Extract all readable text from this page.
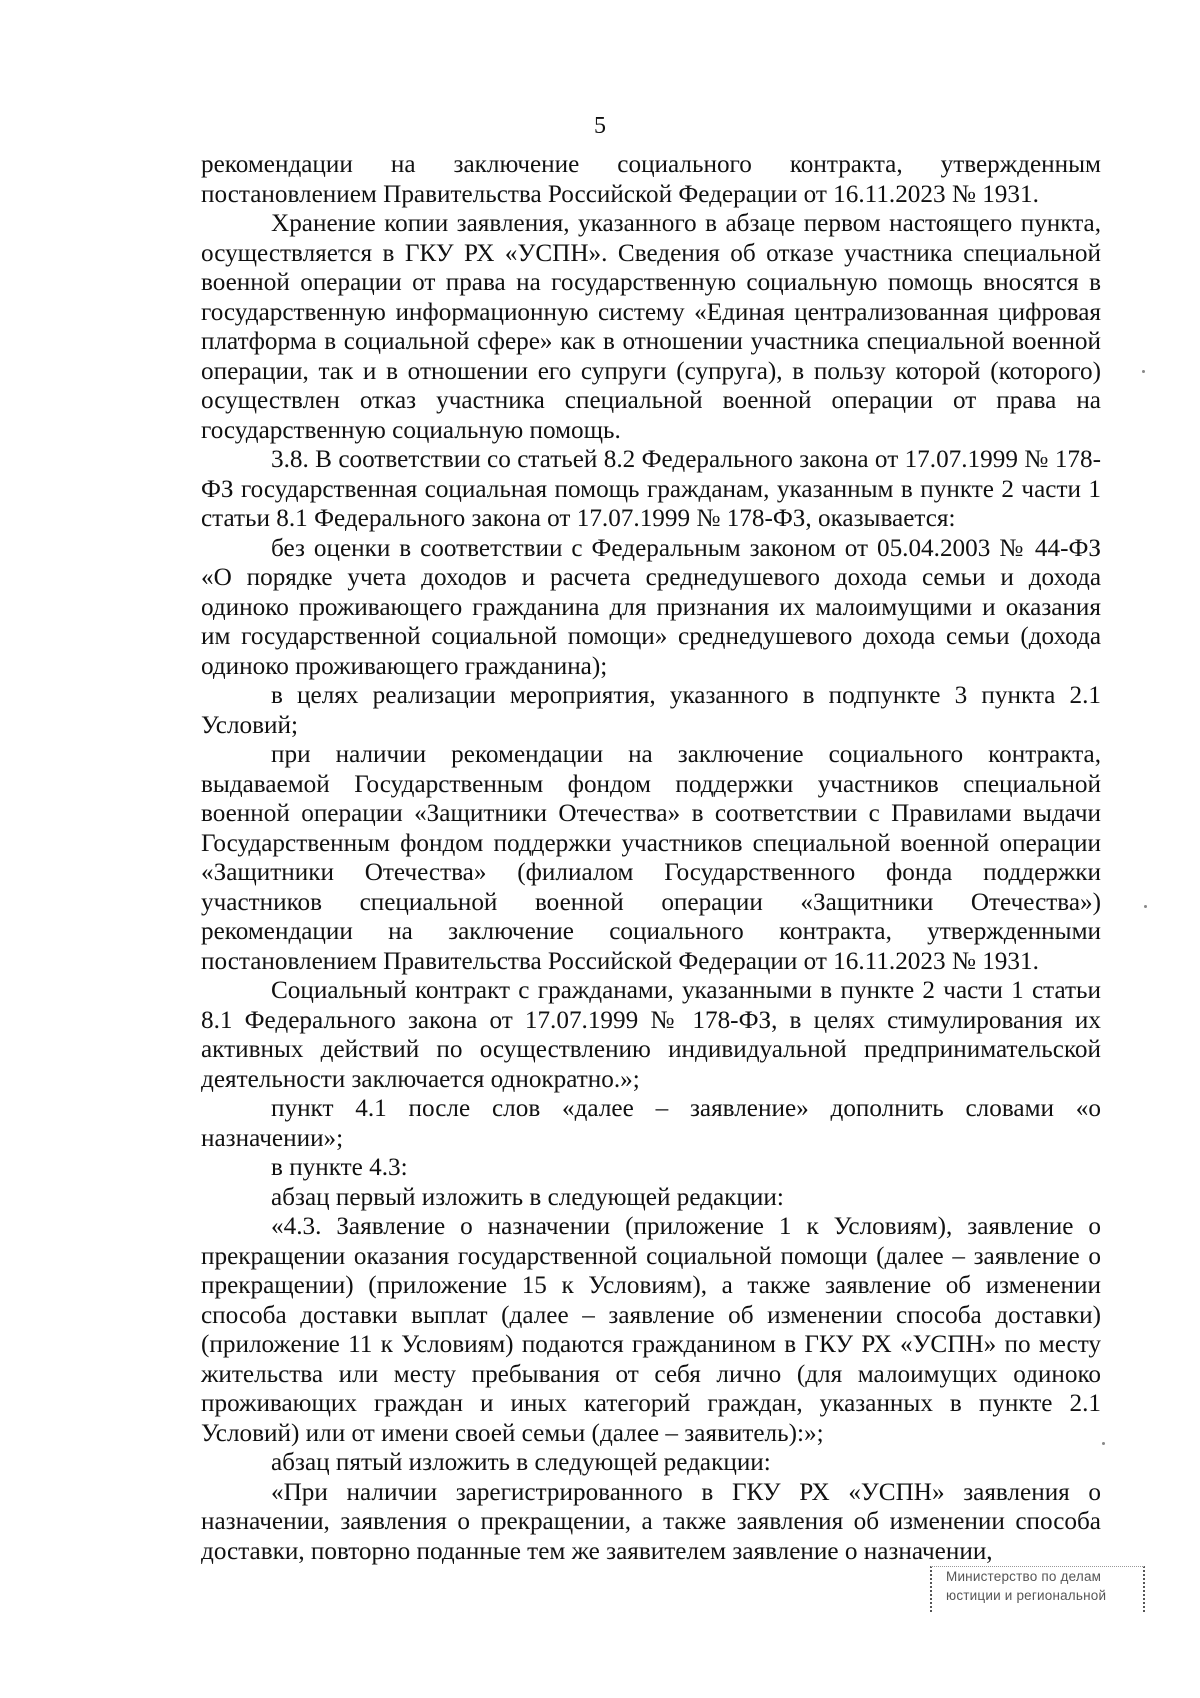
5

рекомендации на заключение социального контракта, утвержденным постановлением Правительства Российской Федерации от 16.11.2023 № 1931.

Хранение копии заявления, указанного в абзаце первом настоящего пункта, осуществляется в ГКУ РХ «УСПН». Сведения об отказе участника специальной военной операции от права на государственную социальную помощь вносятся в государственную информационную систему «Единая централизованная цифровая платформа в социальной сфере» как в отношении участника специальной военной операции, так и в отношении его супруги (супруга), в пользу которой (которого) осуществлен отказ участника специальной военной операции от права на государственную социальную помощь.

3.8. В соответствии со статьей 8.2 Федерального закона от 17.07.1999 № 178-ФЗ государственная социальная помощь гражданам, указанным в пункте 2 части 1 статьи 8.1 Федерального закона от 17.07.1999 № 178-ФЗ, оказывается:

без оценки в соответствии с Федеральным законом от 05.04.2003 № 44-ФЗ «О порядке учета доходов и расчета среднедушевого дохода семьи и дохода одиноко проживающего гражданина для признания их малоимущими и оказания им государственной социальной помощи» среднедушевого дохода семьи (дохода одиноко проживающего гражданина);

в целях реализации мероприятия, указанного в подпункте 3 пункта 2.1 Условий;

при наличии рекомендации на заключение социального контракта, выдаваемой Государственным фондом поддержки участников специальной военной операции «Защитники Отечества» в соответствии с Правилами выдачи Государственным фондом поддержки участников специальной военной операции «Защитники Отечества» (филиалом Государственного фонда поддержки участников специальной военной операции «Защитники Отечества») рекомендации на заключение социального контракта, утвержденными постановлением Правительства Российской Федерации от 16.11.2023 № 1931.

Социальный контракт с гражданами, указанными в пункте 2 части 1 статьи 8.1 Федерального закона от 17.07.1999 № 178-ФЗ, в целях стимулирования их активных действий по осуществлению индивидуальной предпринимательской деятельности заключается однократно.»;

пункт 4.1 после слов «далее – заявление» дополнить словами «о назначении»;

в пункте 4.3:

абзац первый изложить в следующей редакции:

«4.3. Заявление о назначении (приложение 1 к Условиям), заявление о прекращении оказания государственной социальной помощи (далее – заявление о прекращении) (приложение 15 к Условиям), а также заявление об изменении способа доставки выплат (далее – заявление об изменении способа доставки) (приложение 11 к Условиям) подаются гражданином в ГКУ РХ «УСПН» по месту жительства или месту пребывания от себя лично (для малоимущих одиноко проживающих граждан и иных категорий граждан, указанных в пункте 2.1 Условий) или от имени своей семьи (далее – заявитель):»;

абзац пятый изложить в следующей редакции:

«При наличии зарегистрированного в ГКУ РХ «УСПН» заявления о назначении, заявления о прекращении, а также заявления об изменении способа доставки, повторно поданные тем же заявителем заявление о назначении,

Министерство по делам
юстиции и региональной
